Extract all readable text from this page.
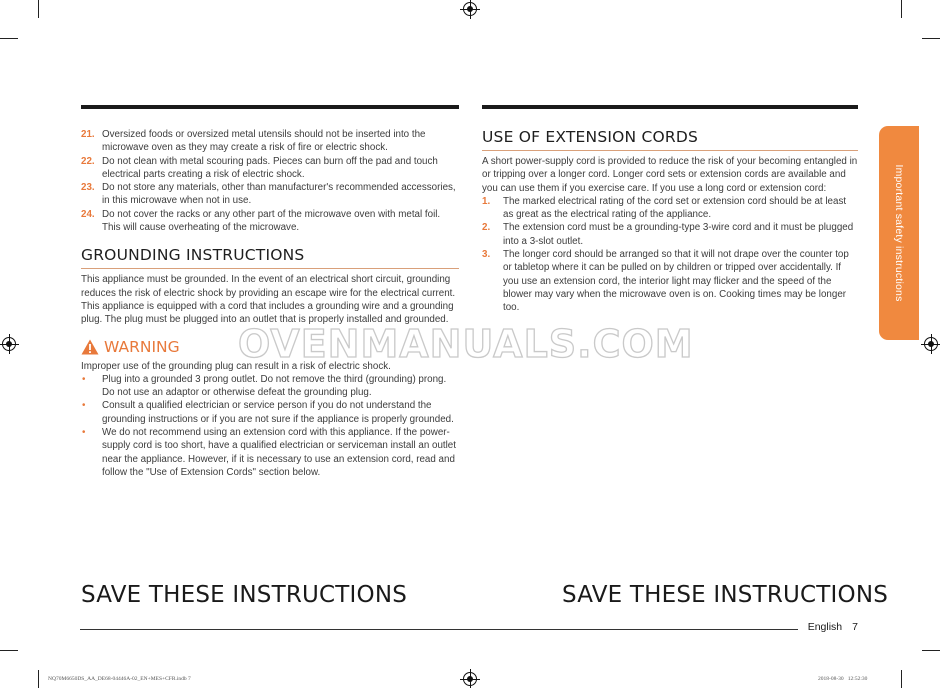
21. Oversized foods or oversized metal utensils should not be inserted into the microwave oven as they may create a risk of fire or electric shock.
22. Do not clean with metal scouring pads. Pieces can burn off the pad and touch electrical parts creating a risk of electric shock.
23. Do not store any materials, other than manufacturer's recommended accessories, in this microwave when not in use.
24. Do not cover the racks or any other part of the microwave oven with metal foil. This will cause overheating of the microwave.
GROUNDING INSTRUCTIONS

This appliance must be grounded. In the event of an electrical short circuit, grounding reduces the risk of electric shock by providing an escape wire for the electrical current. This appliance is equipped with a cord that includes a grounding wire and a grounding plug. The plug must be plugged into an outlet that is properly installed and grounded.

WARNING

Improper use of the grounding plug can result in a risk of electric shock.

• Plug into a grounded 3 prong outlet. Do not remove the third (grounding) prong. Do not use an adaptor or otherwise defeat the grounding plug.
• Consult a qualified electrician or service person if you do not understand the grounding instructions or if you are not sure if the appliance is properly grounded.
• We do not recommend using an extension cord with this appliance. If the power-supply cord is too short, have a qualified electrician or serviceman install an outlet near the appliance. However, if it is necessary to use an extension cord, read and follow the "Use of Extension Cords" section below.
USE OF EXTENSION CORDS

A short power-supply cord is provided to reduce the risk of your becoming entangled in or tripping over a longer cord. Longer cord sets or extension cords are available and you can use them if you exercise care. If you use a long cord or extension cord:

1. The marked electrical rating of the cord set or extension cord should be at least as great as the electrical rating of the appliance.
2. The extension cord must be a grounding-type 3-wire cord and it must be plugged into a 3-slot outlet.
3. The longer cord should be arranged so that it will not drape over the counter top or tabletop where it can be pulled on by children or tripped over accidentally. If you use an extension cord, the interior light may flicker and the speed of the blower may vary when the microwave oven is on. Cooking times may be longer too.
OVENMANUALS.COM
SAVE THESE INSTRUCTIONS	SAVE THESE INSTRUCTIONS
English 7
Important safety instructions
NQ70M6650DS_AA_DE68-04446A-02_EN+MES+CFR.indb 7	2018-08-30   12:52:30
